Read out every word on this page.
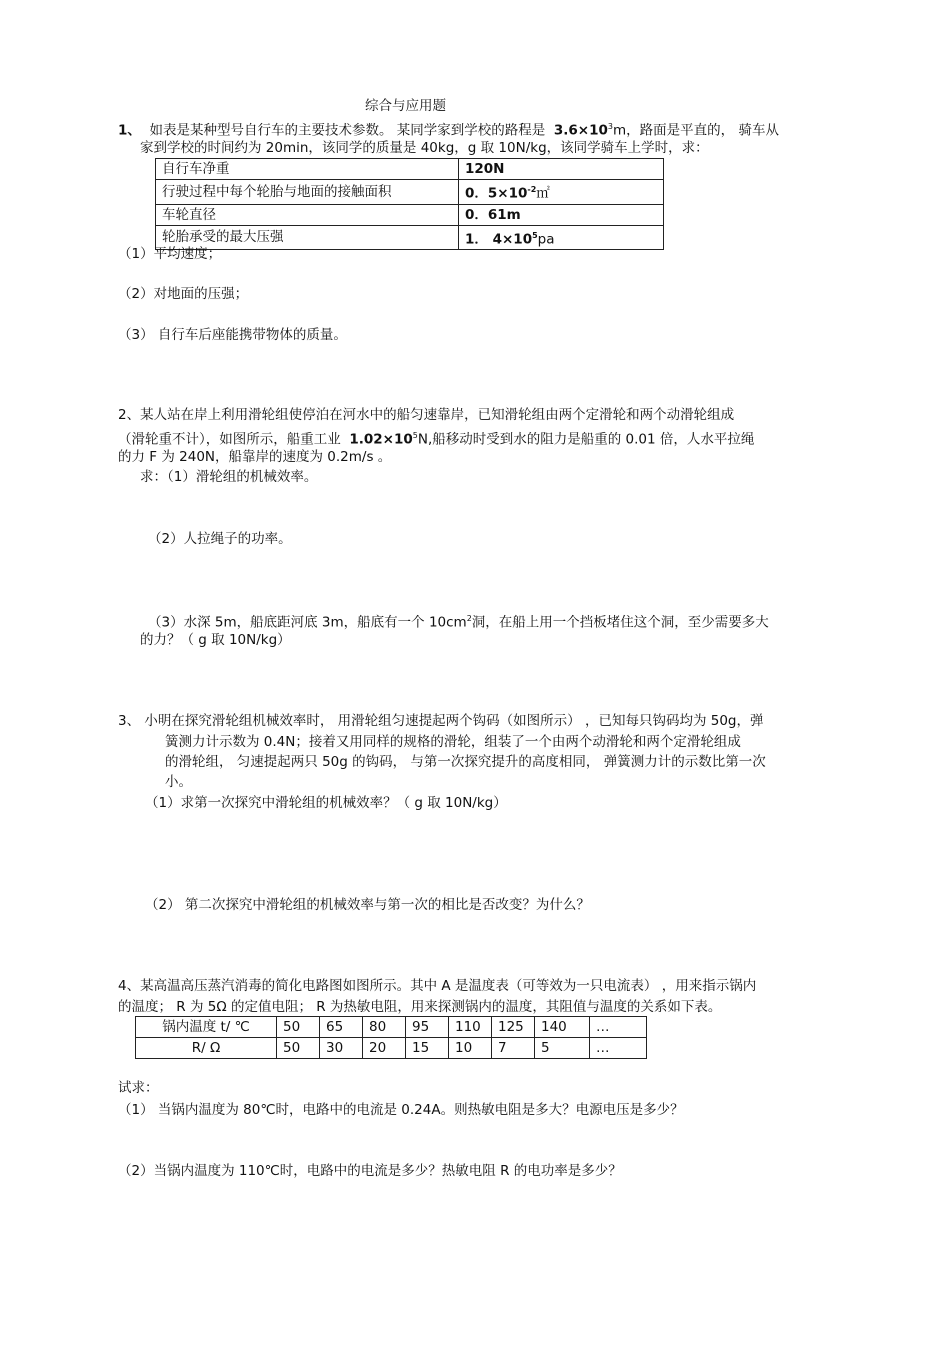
综合与应用题
1、 如表是某种型号自行车的主要技术参数。 某同学家到学校的路程是 $3.6\times 10^3m$，路面是平直的， 骑车从
家到学校的时间约为 20min，该同学的质量是 40kg，g 取 10N/kg，该同学骑车上学时，求：
自行车净重	120N
行驶过程中每个轮胎与地面的接触面积	0．$5\times 10^{-2}㎡$
车轮直径	0．61m
轮胎承受的最大压强	1． $4\times 10^5pa$
（1）平均速度；
（2）对地面的压强；
（3） 自行车后座能携带物体的质量。
2、某人站在岸上利用滑轮组使停泊在河水中的船匀速靠岸，已知滑轮组由两个定滑轮和两个动滑轮组成
（滑轮重不计），如图所示，船重工业 $1.02\times 10^5N$,船移动时受到水的阻力是船重的 0.01 倍，人水平拉绳
的力 F 为 240N，船靠岸的速度为 0.2m/s 。
求：（1）滑轮组的机械效率。
（2）人拉绳子的功率。
（3）水深 5m，船底距河底 3m，船底有一个 $10cm^2$洞，在船上用一个挡板堵住这个洞，至少需要多大
的力？（ g 取 10N/kg）
3、 小明在探究滑轮组机械效率时， 用滑轮组匀速提起两个钩码（如图所示） ，已知每只钩码均为 50g，弹
簧测力计示数为 0.4N；接着又用同样的规格的滑轮，组装了一个由两个动滑轮和两个定滑轮组成
的滑轮组， 匀速提起两只 50g 的钩码， 与第一次探究提升的高度相同， 弹簧测力计的示数比第一次
小。
（1）求第一次探究中滑轮组的机械效率？（ g 取 10N/kg）
（2） 第二次探究中滑轮组的机械效率与第一次的相比是否改变？为什么？
4、某高温高压蒸汽消毒的简化电路图如图所示。其中 A 是温度表（可等效为一只电流表） ，用来指示锅内
的温度； R 为 5Ω 的定值电阻； R 为热敏电阻，用来探测锅内的温度，其阻值与温度的关系如下表。
锅内温度 t/ ℃	50	65	80	95	110	125	140	…
R/ Ω	50	30	20	15	10	7	5	…
试求：
（1） 当锅内温度为 80℃时，电路中的电流是 0.24A。则热敏电阻是多大？电源电压是多少？
（2）当锅内温度为 110℃时，电路中的电流是多少？热敏电阻 R 的电功率是多少？
